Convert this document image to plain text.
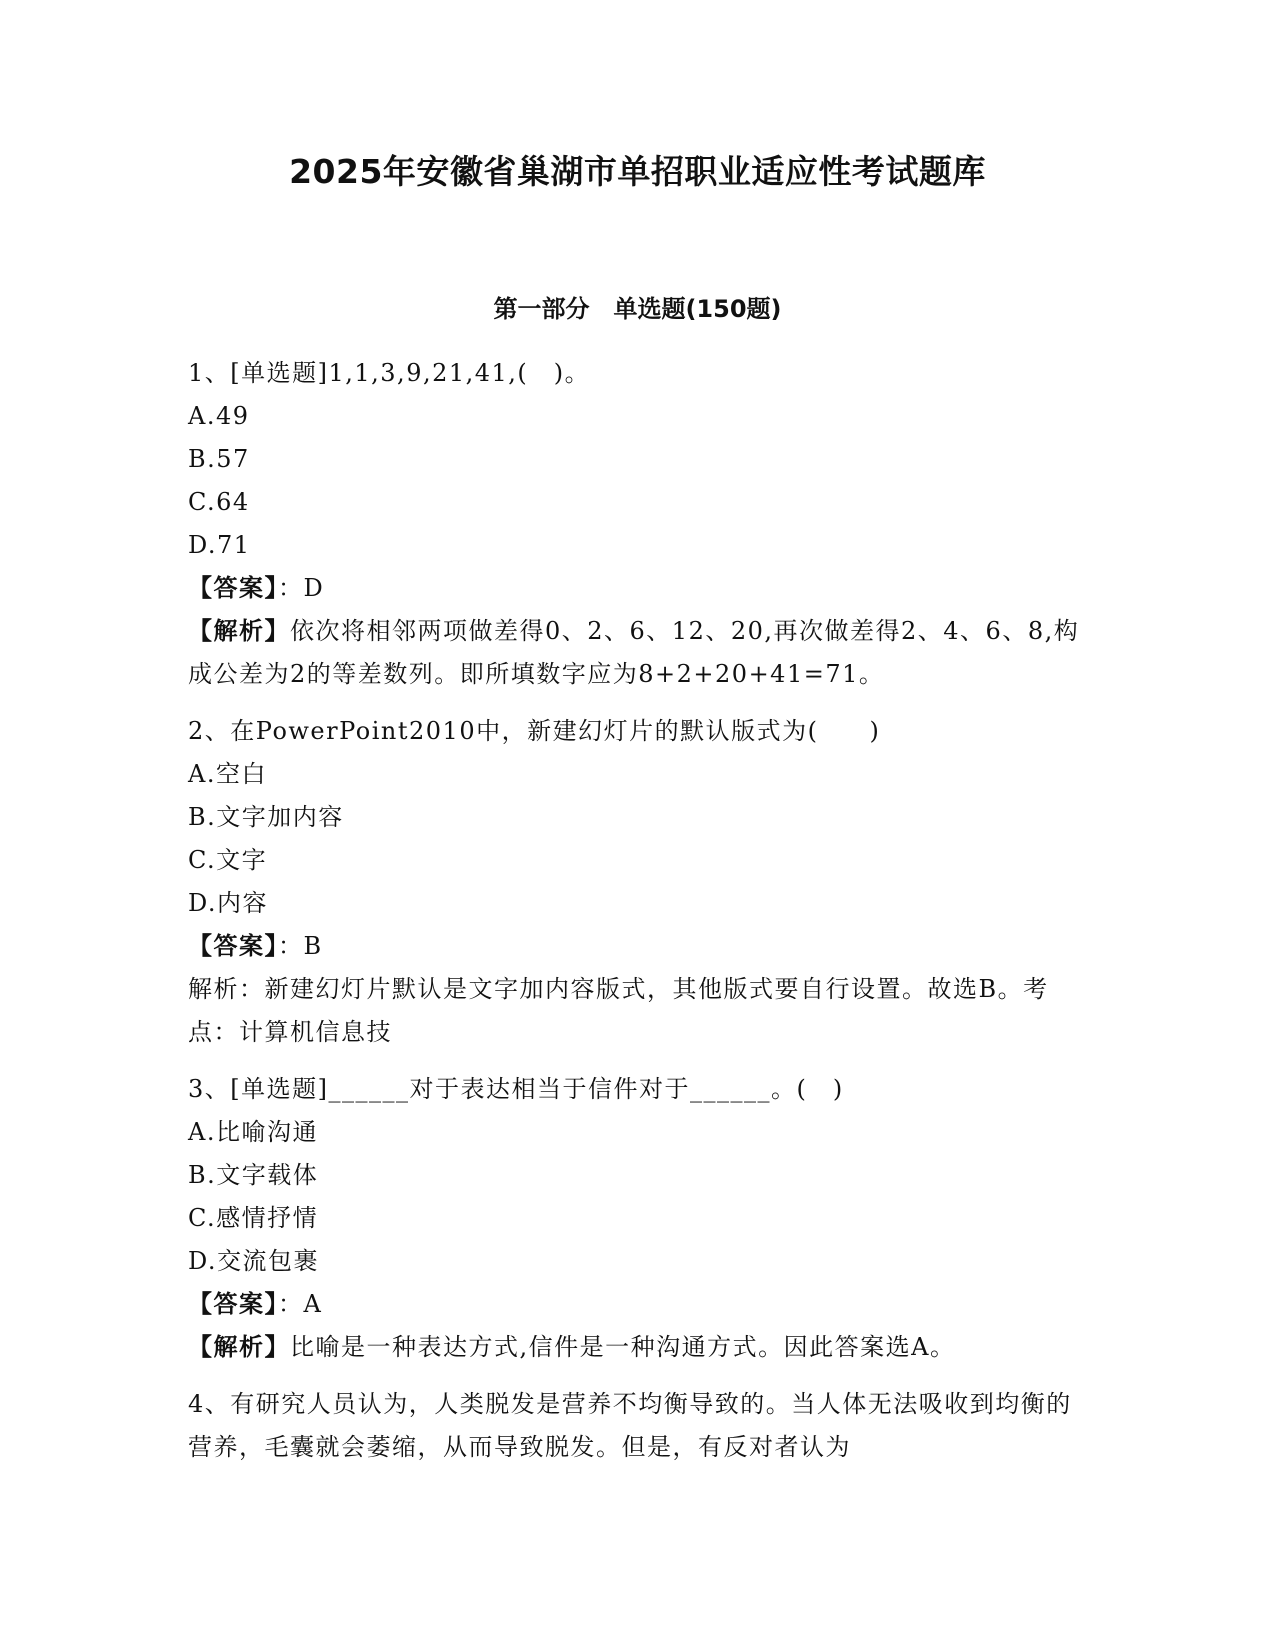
2025年安徽省巢湖市单招职业适应性考试题库
第一部分　单选题(150题)

1、[单选题]1,1,3,9,21,41,(　)。

A.49

B.57

C.64

D.71

【答案】：D

【解析】依次将相邻两项做差得0、2、6、12、20,再次做差得2、4、6、8,构成公差为2的等差数列。即所填数字应为8+2+20+41=71。

2、在PowerPoint2010中，新建幻灯片的默认版式为(　　)

A.空白

B.文字加内容

C.文字

D.内容

【答案】：B

解析：新建幻灯片默认是文字加内容版式，其他版式要自行设置。故选B。考点：计算机信息技

3、[单选题]______对于表达相当于信件对于______。(　)

A.比喻沟通

B.文字载体

C.感情抒情

D.交流包裹

【答案】：A

【解析】比喻是一种表达方式,信件是一种沟通方式。因此答案选A。

4、有研究人员认为，人类脱发是营养不均衡导致的。当人体无法吸收到均衡的营养，毛囊就会萎缩，从而导致脱发。但是，有反对者认为
